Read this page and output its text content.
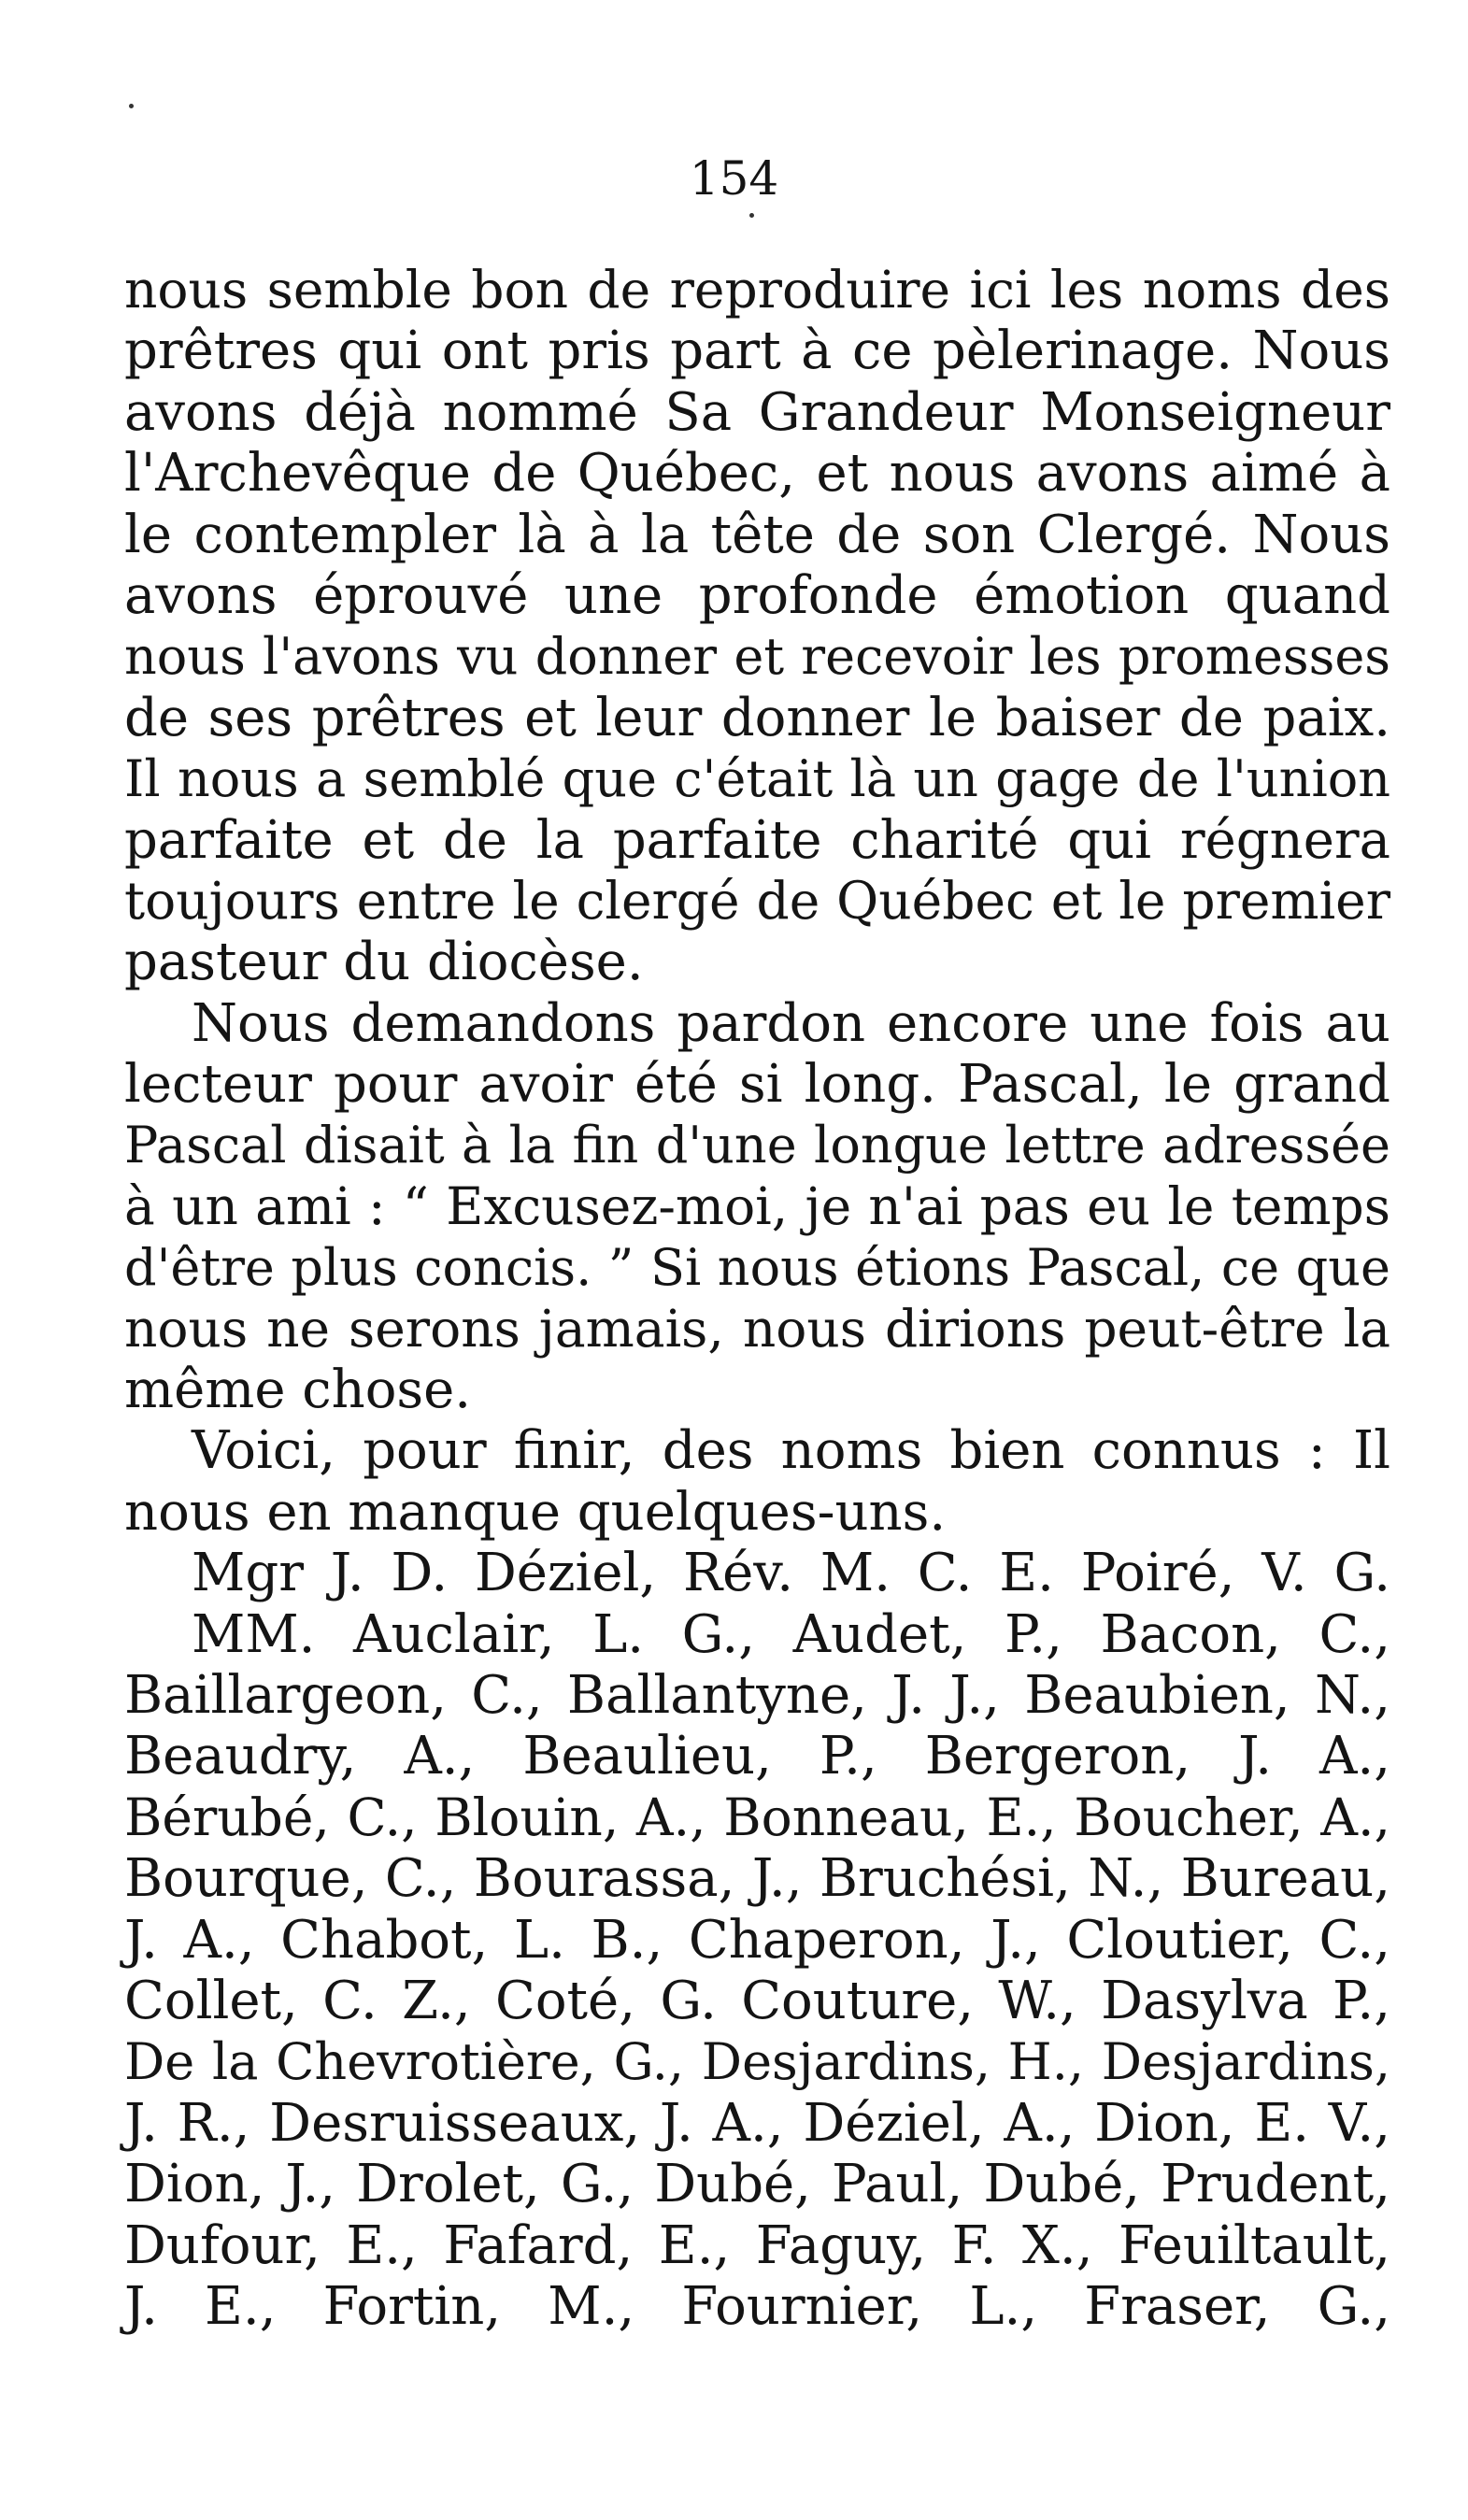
154
nous semble bon de reproduire ici les noms des
prêtres qui ont pris part à ce pèlerinage. Nous
avons déjà nommé Sa Grandeur Monseigneur
l'Archevêque de Québec, et nous avons aimé à
le contempler là à la tête de son Clergé. Nous
avons éprouvé une profonde émotion quand
nous l'avons vu donner et recevoir les promesses
de ses prêtres et leur donner le baiser de paix.
Il nous a semblé que c'était là un gage de l'union
parfaite et de la parfaite charité qui régnera
toujours entre le clergé de Québec et le premier
pasteur du diocèse.
Nous demandons pardon encore une fois au
lecteur pour avoir été si long. Pascal, le grand
Pascal disait à la fin d'une longue lettre adressée
à un ami : “ Excusez-moi, je n'ai pas eu le temps
d'être plus concis. ” Si nous étions Pascal, ce que
nous ne serons jamais, nous dirions peut-être la
même chose.
Voici, pour finir, des noms bien connus : Il
nous en manque quelques-uns.
Mgr J. D. Déziel, Rév. M. C. E. Poiré, V. G.
MM. Auclair, L. G., Audet, P., Bacon, C.,
Baillargeon, C., Ballantyne, J. J., Beaubien, N.,
Beaudry, A., Beaulieu, P., Bergeron, J. A.,
Bérubé, C., Blouin, A., Bonneau, E., Boucher, A.,
Bourque, C., Bourassa, J., Bruchési, N., Bureau,
J. A., Chabot, L. B., Chaperon, J., Cloutier, C.,
Collet, C. Z., Coté, G. Couture, W., Dasylva P.,
De la Chevrotière, G., Desjardins, H., Desjardins,
J. R., Desruisseaux, J. A., Déziel, A., Dion, E. V.,
Dion, J., Drolet, G., Dubé, Paul, Dubé, Prudent,
Dufour, E., Fafard, E., Faguy, F. X., Feuiltault,
J. E., Fortin, M., Fournier, L., Fraser, G.,
